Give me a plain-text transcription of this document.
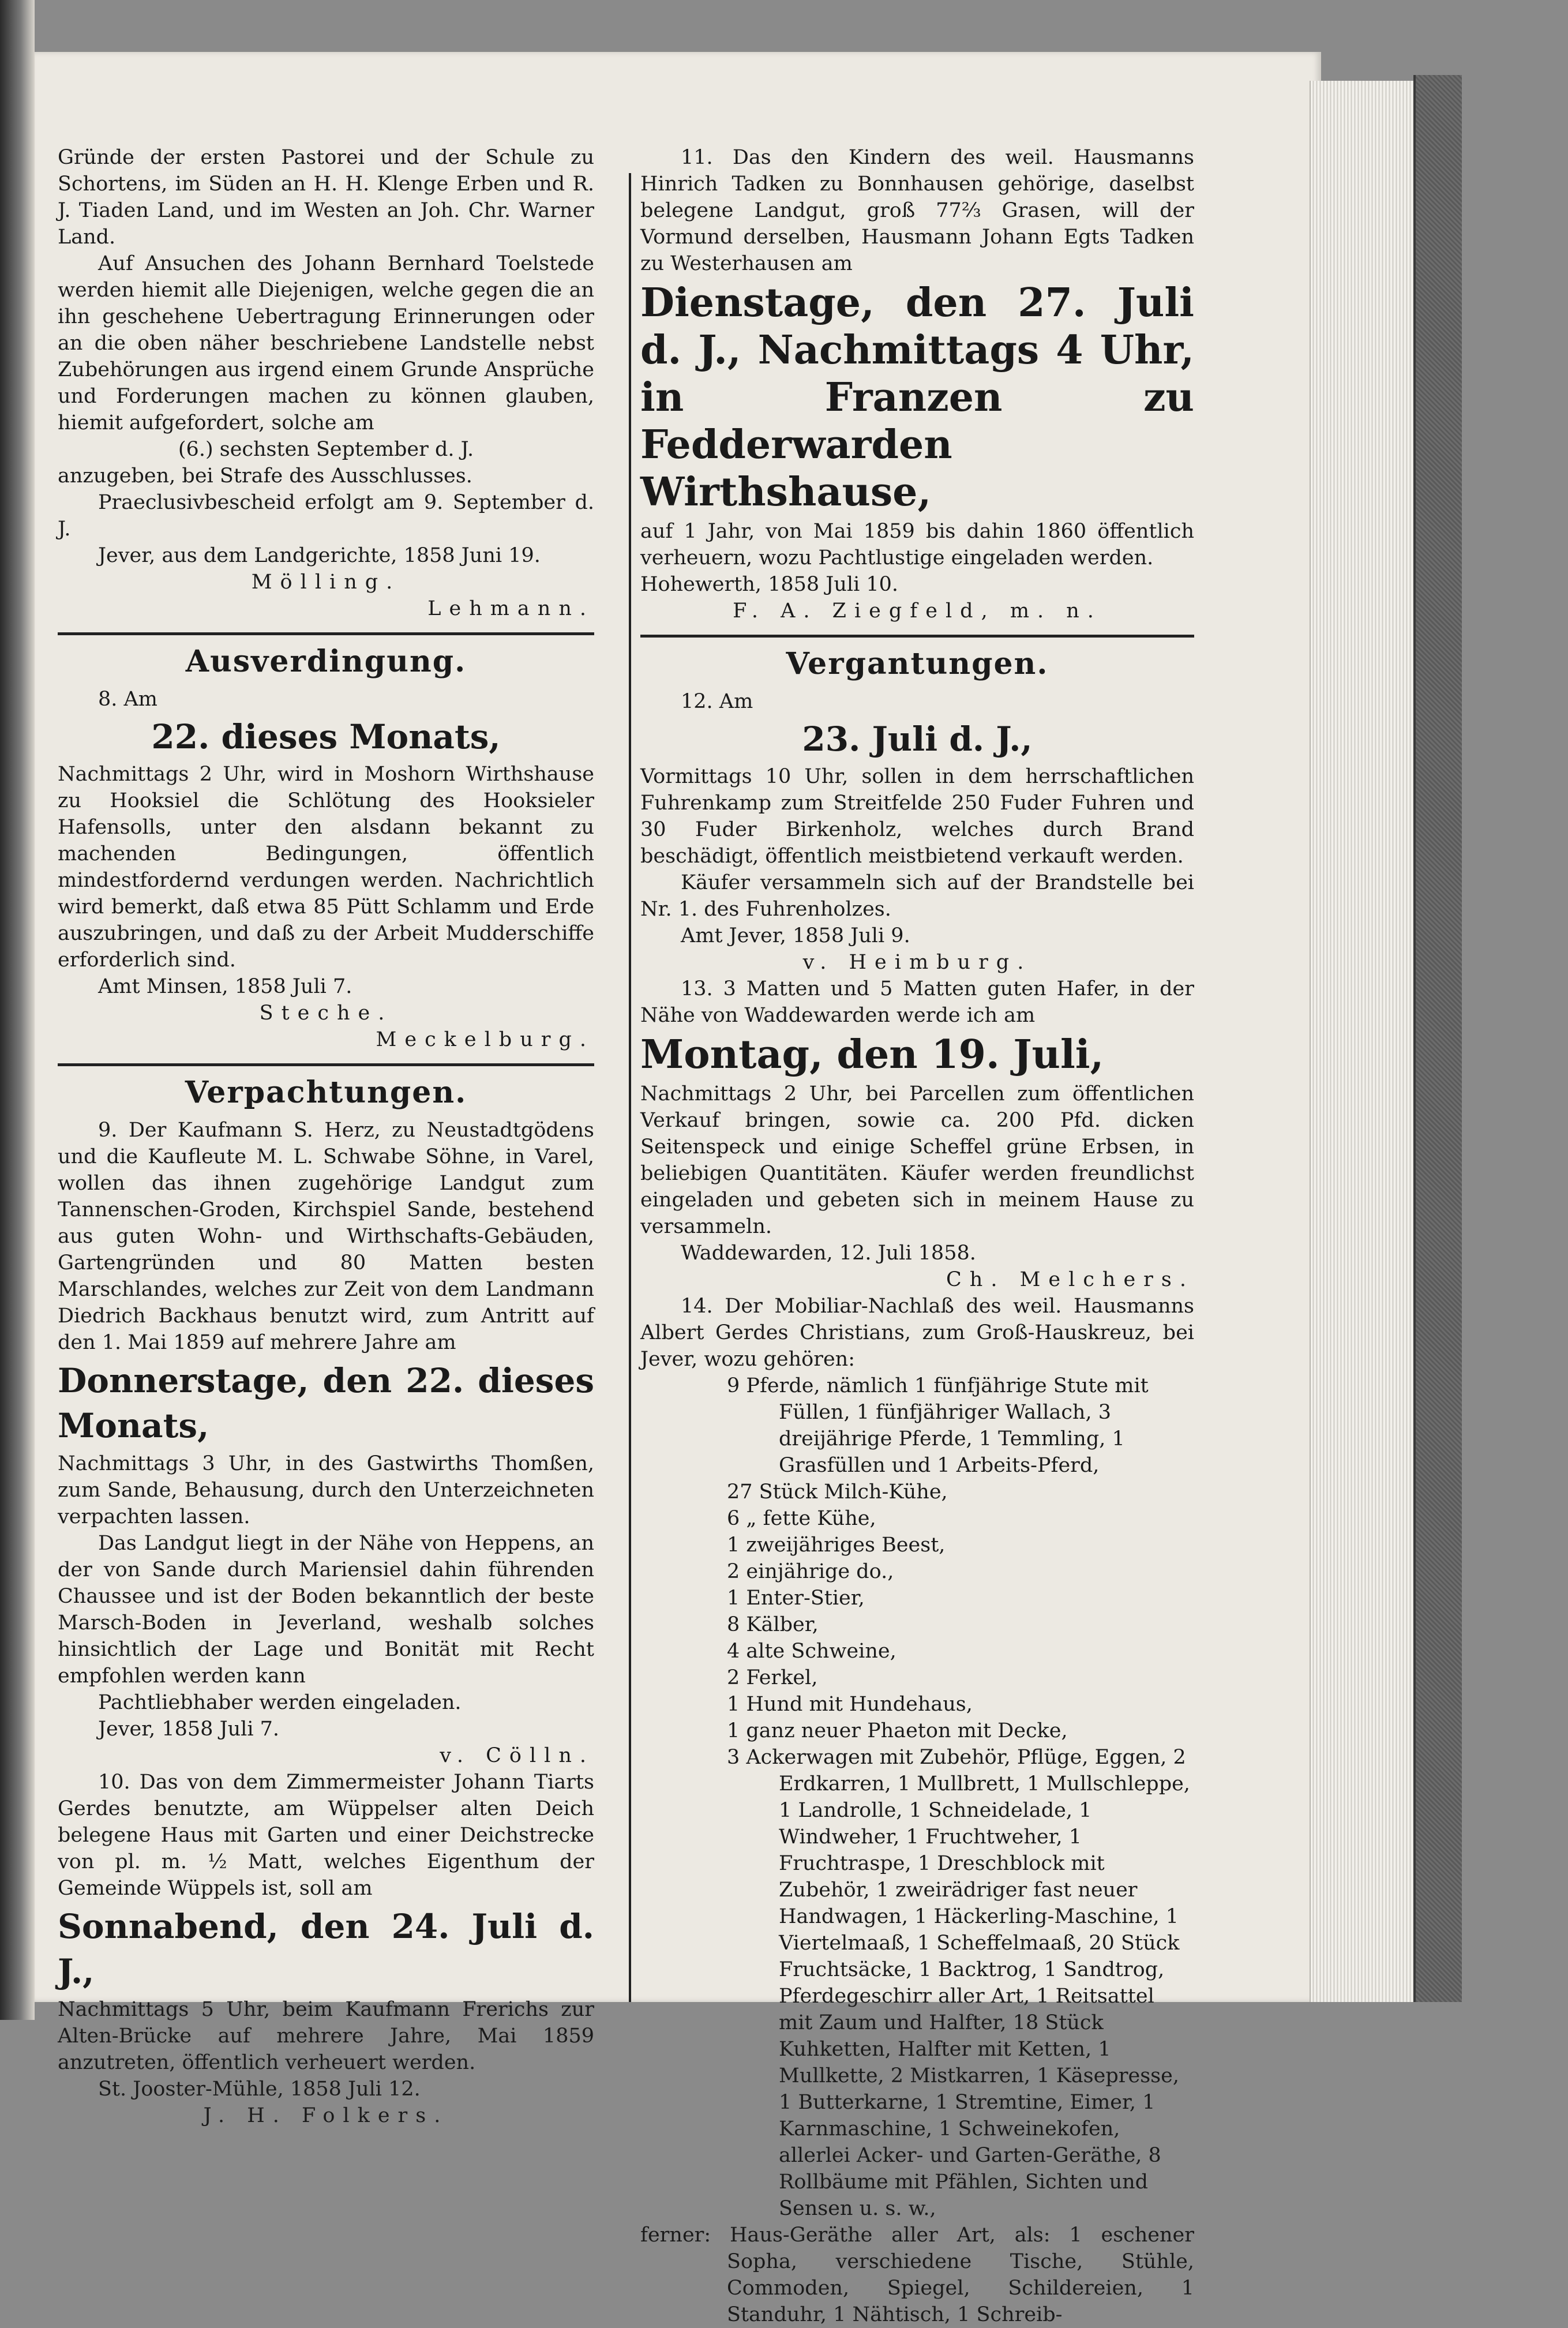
Gründe der ersten Pastorei und der Schule zu Schortens, im Süden an H. H. Klenge Erben und R. J. Tiaden Land, und im Westen an Joh. Chr. Warner Land.

Auf Ansuchen des Johann Bernhard Toelstede werden hiemit alle Diejenigen, welche gegen die an ihn geschehene Uebertragung Erinnerungen oder an die oben näher beschriebene Landstelle nebst Zubehörungen aus irgend einem Grunde Ansprüche und Forderungen machen zu können glauben, hiemit aufgefordert, solche am

(6.) sechsten September d. J.

anzugeben, bei Strafe des Ausschlusses.

Praeclusivbescheid erfolgt am 9. September d. J.

Jever, aus dem Landgerichte, 1858 Juni 19.

Mölling.

Lehmann.

Ausverdingung.

8. Am

22. dieses Monats,

Nachmittags 2 Uhr, wird in Moshorn Wirthshause zu Hooksiel die Schlötung des Hooksieler Hafensolls, unter den alsdann bekannt zu machenden Bedingungen, öffentlich mindestfordernd verdungen werden. Nachrichtlich wird bemerkt, daß etwa 85 Pütt Schlamm und Erde auszubringen, und daß zu der Arbeit Mudderschiffe erforderlich sind.

Amt Minsen, 1858 Juli 7.

Steche.

Meckelburg.

Verpachtungen.

9. Der Kaufmann S. Herz, zu Neustadtgödens und die Kaufleute M. L. Schwabe Söhne, in Varel, wollen das ihnen zugehörige Landgut zum Tannenschen-Groden, Kirchspiel Sande, bestehend aus guten Wohn- und Wirthschafts-Gebäuden, Gartengründen und 80 Matten besten Marschlandes, welches zur Zeit von dem Landmann Diedrich Backhaus benutzt wird, zum Antritt auf den 1. Mai 1859 auf mehrere Jahre am

Donnerstage, den 22. dieses Monats,

Nachmittags 3 Uhr, in des Gastwirths Thomßen, zum Sande, Behausung, durch den Unterzeichneten verpachten lassen.

Das Landgut liegt in der Nähe von Heppens, an der von Sande durch Mariensiel dahin führenden Chaussee und ist der Boden bekanntlich der beste Marsch-Boden in Jeverland, weshalb solches hinsichtlich der Lage und Bonität mit Recht empfohlen werden kann

Pachtliebhaber werden eingeladen.

Jever, 1858 Juli 7.

v. Cölln.

10. Das von dem Zimmermeister Johann Tiarts Gerdes benutzte, am Wüppelser alten Deich belegene Haus mit Garten und einer Deichstrecke von pl. m. ½ Matt, welches Eigenthum der Gemeinde Wüppels ist, soll am

Sonnabend, den 24. Juli d. J.,

Nachmittags 5 Uhr, beim Kaufmann Frerichs zur Alten-Brücke auf mehrere Jahre, Mai 1859 anzutreten, öffentlich verheuert werden.

St. Jooster-Mühle, 1858 Juli 12.

J. H. Folkers.

11. Das den Kindern des weil. Hausmanns Hinrich Tadken zu Bonnhausen gehörige, daselbst belegene Landgut, groß 77⅔ Grasen, will der Vormund derselben, Hausmann Johann Egts Tadken zu Westerhausen am

Dienstage, den 27. Juli d. J., Nachmittags 4 Uhr, in Franzen zu Fedderwarden Wirthshause,

auf 1 Jahr, von Mai 1859 bis dahin 1860 öffentlich verheuern, wozu Pachtlustige eingeladen werden.

Hohewerth, 1858 Juli 10.

F. A. Ziegfeld, m. n.

Vergantungen.

12. Am

23. Juli d. J.,

Vormittags 10 Uhr, sollen in dem herrschaftlichen Fuhrenkamp zum Streitfelde 250 Fuder Fuhren und 30 Fuder Birkenholz, welches durch Brand beschädigt, öffentlich meistbietend verkauft werden.

Käufer versammeln sich auf der Brandstelle bei Nr. 1. des Fuhrenholzes.

Amt Jever, 1858 Juli 9.

v. Heimburg.

13. 3 Matten und 5 Matten guten Hafer, in der Nähe von Waddewarden werde ich am

Montag, den 19. Juli,

Nachmittags 2 Uhr, bei Parcellen zum öffentlichen Verkauf bringen, sowie ca. 200 Pfd. dicken Seitenspeck und einige Scheffel grüne Erbsen, in beliebigen Quantitäten. Käufer werden freundlichst eingeladen und gebeten sich in meinem Hause zu versammeln.

Waddewarden, 12. Juli 1858.

Ch. Melchers.

14. Der Mobiliar-Nachlaß des weil. Hausmanns Albert Gerdes Christians, zum Groß-Hauskreuz, bei Jever, wozu gehören:

9 Pferde, nämlich 1 fünfjährige Stute mit Füllen, 1 fünfjähriger Wallach, 3 dreijährige Pferde, 1 Temmling, 1 Grasfüllen und 1 Arbeits-Pferd,

27 Stück Milch-Kühe,

6 „ fette Kühe,

1 zweijähriges Beest,

2 einjährige do.,

1 Enter-Stier,

8 Kälber,

4 alte Schweine,

2 Ferkel,

1 Hund mit Hundehaus,

1 ganz neuer Phaeton mit Decke,

3 Ackerwagen mit Zubehör, Pflüge, Eggen, 2 Erdkarren, 1 Mullbrett, 1 Mullschleppe, 1 Landrolle, 1 Schneidelade, 1 Windweher, 1 Fruchtweher, 1 Fruchtraspe, 1 Dreschblock mit Zubehör, 1 zweirädriger fast neuer Handwagen, 1 Häckerling-Maschine, 1 Viertelmaaß, 1 Scheffelmaaß, 20 Stück Fruchtsäcke, 1 Backtrog, 1 Sandtrog, Pferdegeschirr aller Art, 1 Reitsattel mit Zaum und Halfter, 18 Stück Kuhketten, Halfter mit Ketten, 1 Mullkette, 2 Mistkarren, 1 Käsepresse, 1 Butterkarne, 1 Stremtine, Eimer, 1 Karnmaschine, 1 Schweinekofen, allerlei Acker- und Garten-Geräthe, 8 Rollbäume mit Pfählen, Sichten und Sensen u. s. w.,

ferner: Haus-Geräthe aller Art, als: 1 eschener Sopha, verschiedene Tische, Stühle, Commoden, Spiegel, Schildereien, 1 Standuhr, 1 Nähtisch, 1 Schreib-
